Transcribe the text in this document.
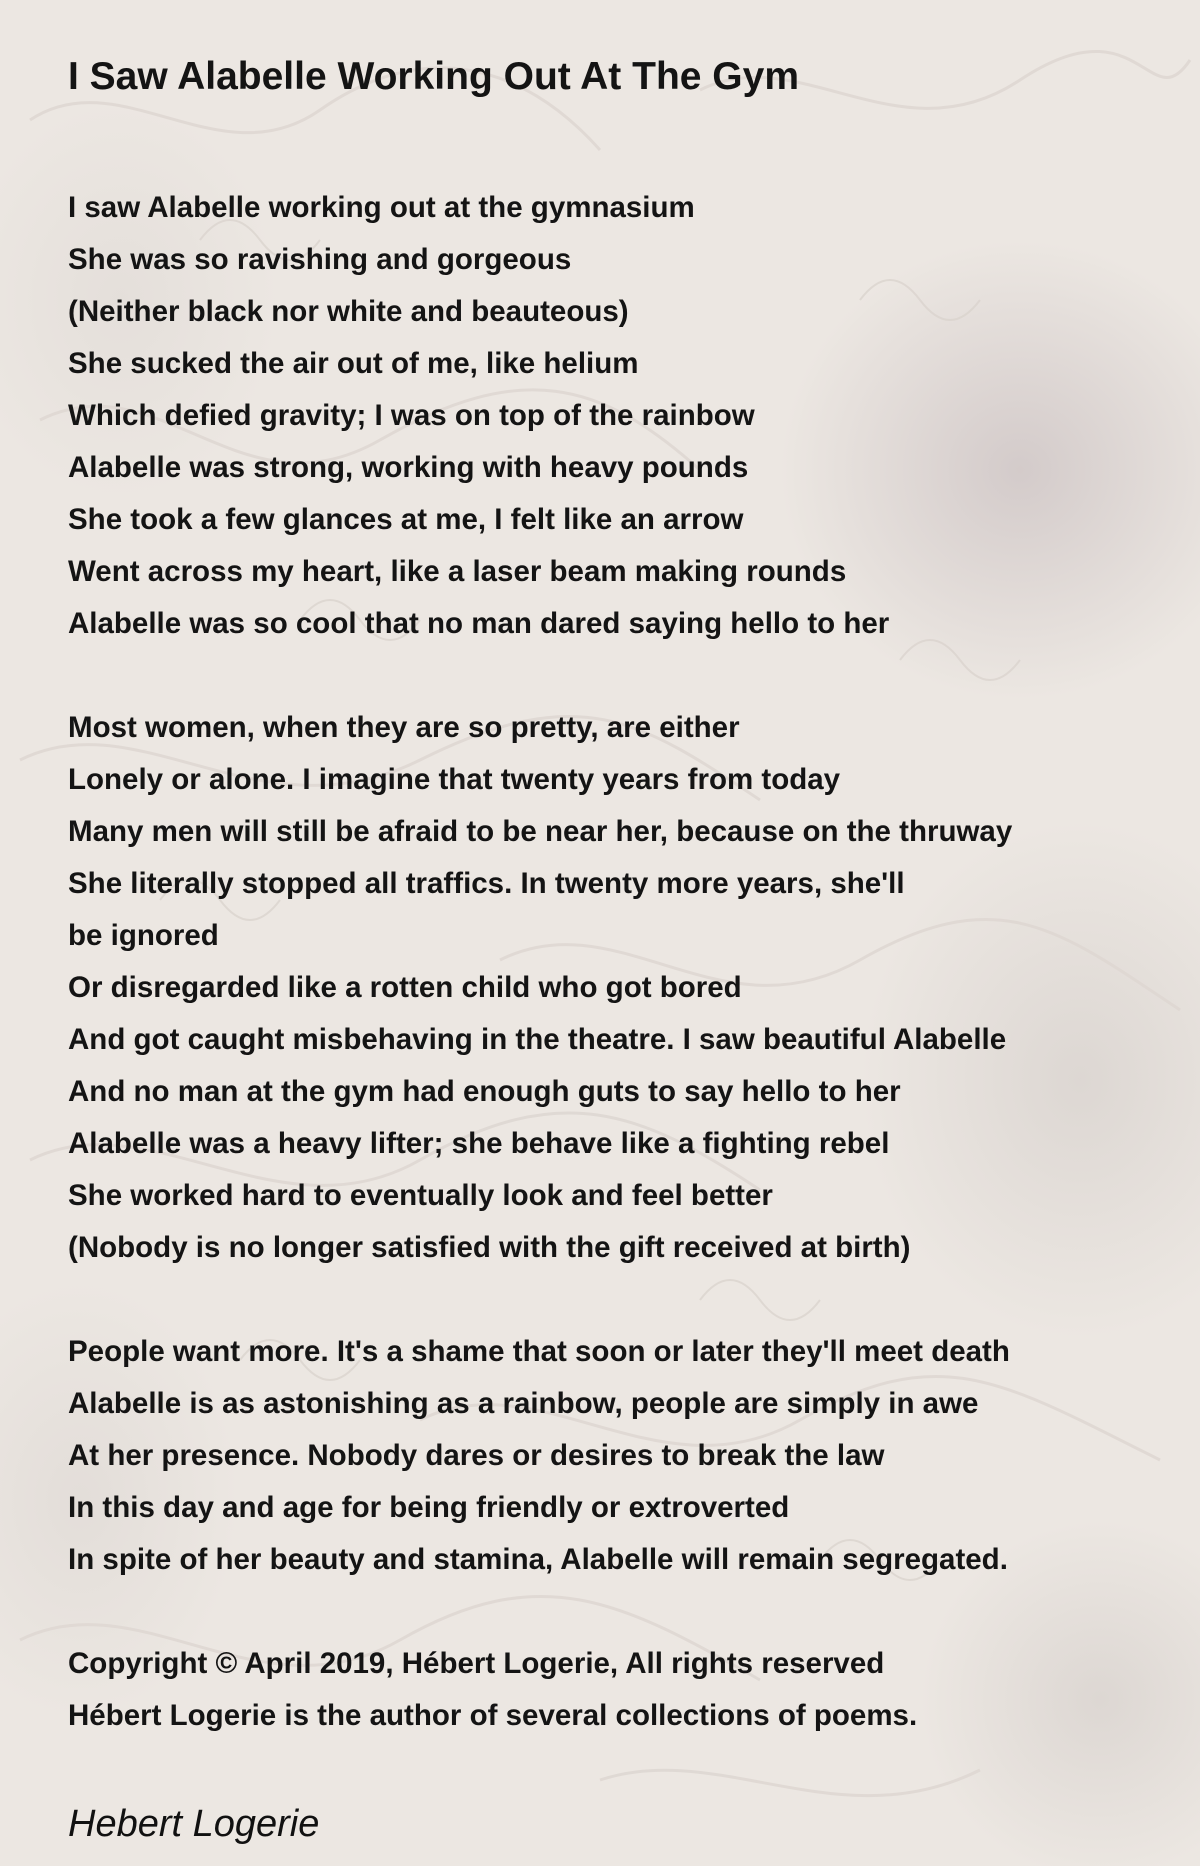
I Saw Alabelle Working Out At The Gym
I saw Alabelle working out at the gymnasium
She was so ravishing and gorgeous
(Neither black nor white and beauteous)
She sucked the air out of me, like helium
Which defied gravity; I was on top of the rainbow
Alabelle was strong, working with heavy pounds
She took a few glances at me, I felt like an arrow
Went across my heart, like a laser beam making rounds
Alabelle was so cool that no man dared saying hello to her
Most women, when they are so pretty, are either
Lonely or alone. I imagine that twenty years from today
Many men will still be afraid to be near her, because on the thruway
She literally stopped all traffics. In twenty more years, she'll
be ignored
Or disregarded like a rotten child who got bored
And got caught misbehaving in the theatre. I saw beautiful Alabelle
And no man at the gym had enough guts to say hello to her
Alabelle was a heavy lifter; she behave like a fighting rebel
She worked hard to eventually look and feel better
(Nobody is no longer satisfied with the gift received at birth)
People want more. It's a shame that soon or later they'll meet death
Alabelle is as astonishing as a rainbow, people are simply in awe
At her presence. Nobody dares or desires to break the law
In this day and age for being friendly or extroverted
In spite of her beauty and stamina, Alabelle will remain segregated.
Copyright © April 2019, Hébert Logerie, All rights reserved
Hébert Logerie is the author of several collections of poems.
Hebert Logerie
